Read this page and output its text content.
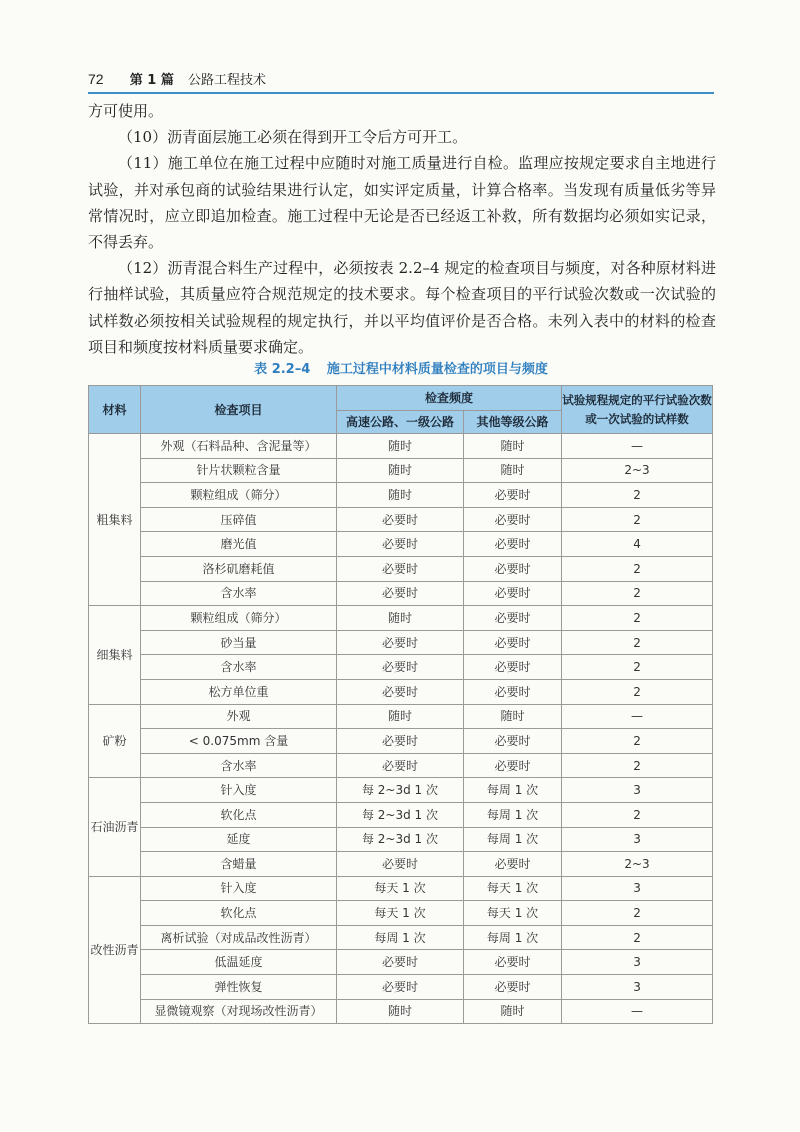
72 第 1 篇 公路工程技术

方可使用。

（10）沥青面层施工必须在得到开工令后方可开工。

（11）施工单位在施工过程中应随时对施工质量进行自检。监理应按规定要求自主地进行试验，并对承包商的试验结果进行认定，如实评定质量，计算合格率。当发现有质量低劣等异常情况时，应立即追加检查。施工过程中无论是否已经返工补救，所有数据均必须如实记录，不得丢弃。

（12）沥青混合料生产过程中，必须按表 2.2–4 规定的检查项目与频度，对各种原材料进行抽样试验，其质量应符合规范规定的技术要求。每个检查项目的平行试验次数或一次试验的试样数必须按相关试验规程的规定执行，并以平均值评价是否合格。未列入表中的材料的检查项目和频度按材料质量要求确定。

表 2.2–4 施工过程中材料质量检查的项目与频度
材料	检查项目	检查频度		试验规程规定的平行试验次数或一次试验的试样数
		高速公路、一级公路	其他等级公路	
粗集料	外观（石料品种、含泥量等）	随时	随时	—
	针片状颗粒含量	随时	随时	2~3
	颗粒组成（筛分）	随时	必要时	2
	压碎值	必要时	必要时	2
	磨光值	必要时	必要时	4
	洛杉矶磨耗值	必要时	必要时	2
	含水率	必要时	必要时	2
细集料	颗粒组成（筛分）	随时	必要时	2
	砂当量	必要时	必要时	2
	含水率	必要时	必要时	2
	松方单位重	必要时	必要时	2
矿粉	外观	随时	随时	—
	< 0.075mm 含量	必要时	必要时	2
	含水率	必要时	必要时	2
石油沥青	针入度	每 2~3d 1 次	每周 1 次	3
	软化点	每 2~3d 1 次	每周 1 次	2
	延度	每 2~3d 1 次	每周 1 次	3
	含蜡量	必要时	必要时	2~3
改性沥青	针入度	每天 1 次	每天 1 次	3
	软化点	每天 1 次	每天 1 次	2
	离析试验（对成品改性沥青）	每周 1 次	每周 1 次	2
	低温延度	必要时	必要时	3
	弹性恢复	必要时	必要时	3
	显微镜观察（对现场改性沥青）	随时	随时	—
